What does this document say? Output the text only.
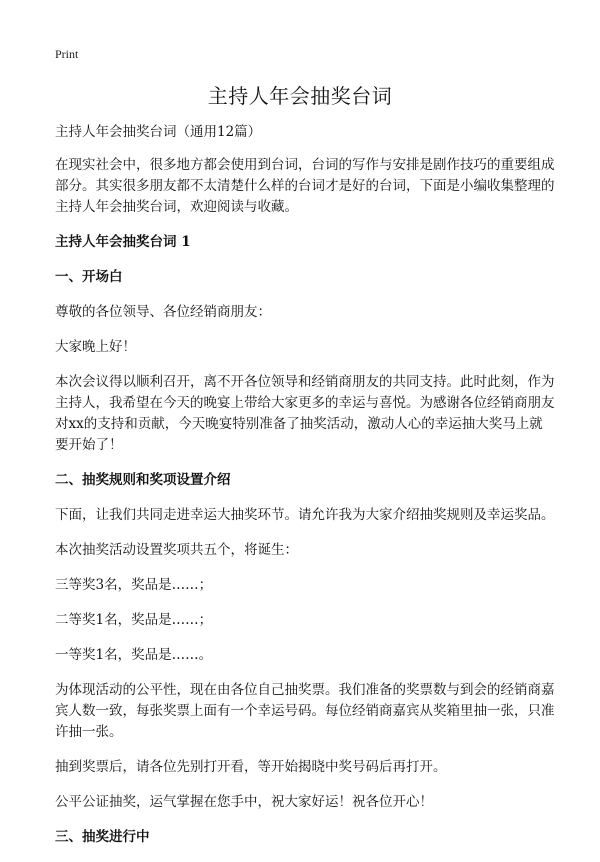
Print
主持人年会抽奖台词

主持人年会抽奖台词（通用12篇）

在现实社会中，很多地方都会使用到台词，台词的写作与安排是剧作技巧的重要组成部分。其实很多朋友都不太清楚什么样的台词才是好的台词，下面是小编收集整理的主持人年会抽奖台词，欢迎阅读与收藏。

主持人年会抽奖台词 1
一、开场白

尊敬的各位领导、各位经销商朋友：

大家晚上好！

本次会议得以顺利召开，离不开各位领导和经销商朋友的共同支持。此时此刻，作为主持人，我希望在今天的晚宴上带给大家更多的幸运与喜悦。为感谢各位经销商朋友对xx的支持和贡献，今天晚宴特别准备了抽奖活动，激动人心的幸运抽大奖马上就要开始了！

二、抽奖规则和奖项设置介绍

下面，让我们共同走进幸运大抽奖环节。请允许我为大家介绍抽奖规则及幸运奖品。

本次抽奖活动设置奖项共五个，将诞生：

三等奖3名，奖品是……；

二等奖1名，奖品是……；

一等奖1名，奖品是……。

为体现活动的公平性，现在由各位自己抽奖票。我们准备的奖票数与到会的经销商嘉宾人数一致，每张奖票上面有一个幸运号码。每位经销商嘉宾从奖箱里抽一张，只准许抽一张。

抽到奖票后，请各位先别打开看，等开始揭晓中奖号码后再打开。

公平公证抽奖，运气掌握在您手中，祝大家好运！祝各位开心！

三、抽奖进行中
